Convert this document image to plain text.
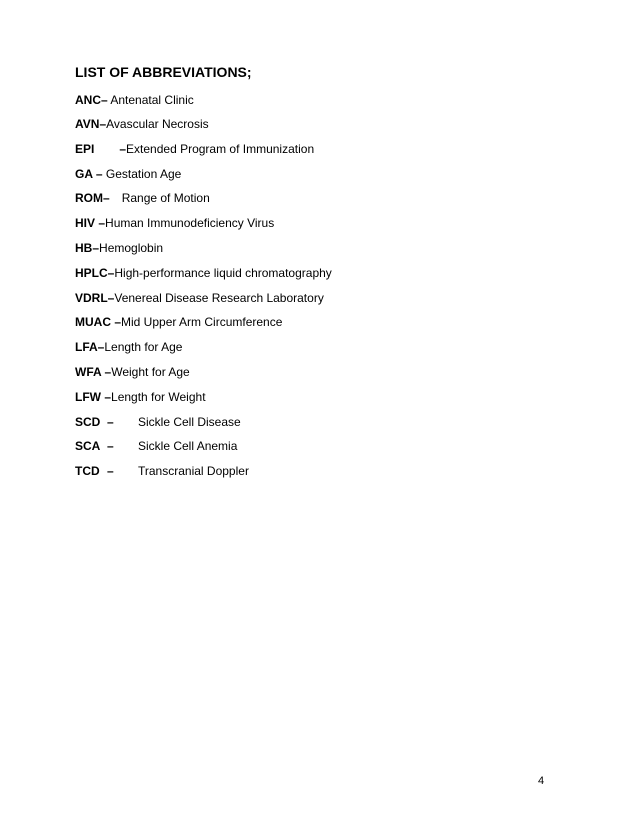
LIST OF ABBREVIATIONS;
ANC– Antenatal Clinic
AVN–Avascular Necrosis
EPI –Extended Program of Immunization
GA – Gestation Age
ROM– Range of Motion
HIV –Human Immunodeficiency Virus
HB–Hemoglobin
HPLC–High-performance liquid chromatography
VDRL–Venereal Disease Research Laboratory
MUAC –Mid Upper Arm Circumference
LFA–Length for Age
WFA –Weight for Age
LFW –Length for Weight
SCD – Sickle Cell Disease
SCA – Sickle Cell Anemia
TCD – Transcranial Doppler
4
